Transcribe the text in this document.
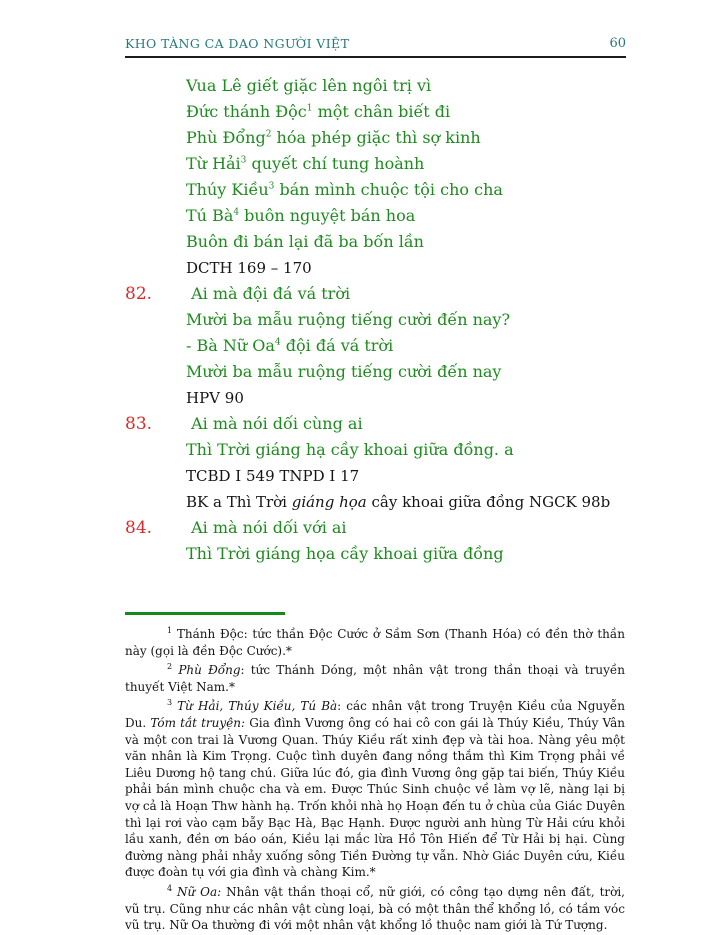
KHO TÀNG CA DAO NGƯỜI VIỆT	60
Vua Lê giết giặc lên ngôi trị vì
Đức thánh Độc$^1$ một chân biết đi
Phù Đổng$^2$ hóa phép giặc thì sợ kinh
Từ Hải$^3$ quyết chí tung hoành
Thúy Kiều$^3$ bán mình chuộc tội cho cha
Tú $Bà^4$ buôn nguyệt bán hoa
Buôn đi bán lại đã ba bốn lần
DCTH 169 – 170
82. Ai mà đội đá vá trời
Mười ba mẫu ruộng tiếng cười đến nay?
- Bà Nữ Oa$^4$ đội đá vá trời
Mười ba mẫu ruộng tiếng cười đến nay
HPV 90
83. Ai mà nói dối cùng ai
Thì Trời giáng hạ cầy khoai giữa đồng. a
TCBD I 549 TNPD I 17
BK a Thì Trời giáng họa cây khoai giữa đồng NGCK 98b
84. Ai mà nói dối với ai
Thì Trời giáng họa cầy khoai giữa đồng

$^1$ Thánh Độc: tức thần Độc Cước ở Sầm Sơn (Thanh Hóa) có đền thờ thần này (gọi là đền Độc Cước).*

$^2$ Phù Đổng: tức Thánh Dóng, một nhân vật trong thần thoại và truyền thuyết Việt Nam.*

$^3$ Từ Hải, Thúy Kiều, Tú Bà: các nhân vật trong Truyện Kiều của Nguyễn Du. Tóm tắt truyện: Gia đình Vương ông có hai cô con gái là Thúy Kiều, Thúy Vân và một con trai là Vương Quan. Thúy Kiều rất xinh đẹp và tài hoa. Nàng yêu một văn nhân là Kim Trọng. Cuộc tình duyên đang nồng thắm thì Kim Trọng phải về Liêu Dương hộ tang chú. Giữa lúc đó, gia đình Vương ông gặp tai biến, Thúy Kiều phải bán mình chuộc cha và em. Được Thúc Sinh chuộc về làm vợ lẽ, nàng lại bị vợ cả là Hoạn Thw hành hạ. Trốn khỏi nhà họ Hoạn đến tu ở chùa của Giác Duyên thì lại rơi vào cạm bẫy Bạc Hà, Bạc Hạnh. Được người anh hùng Từ Hải cứu khỏi lầu xanh, đền ơn báo oán, Kiều lại mắc lừa Hồ Tôn Hiến để Từ Hải bị hại. Cùng đường nàng phải nhảy xuống sông Tiền Đường tự vẫn. Nhờ Giác Duyên cứu, Kiều được đoàn tụ với gia đình và chàng Kim.*

$^4$ Nữ Oa: Nhân vật thần thoại cổ, nữ giới, có công tạo dựng nên đất, trời, vũ trụ. Cũng như các nhân vật cùng loại, bà có một thân thể khổng lồ, có tầm vóc vũ trụ. Nữ Oa thường đi với một nhân vật khổng lồ thuộc nam giới là Tứ Tượng.
